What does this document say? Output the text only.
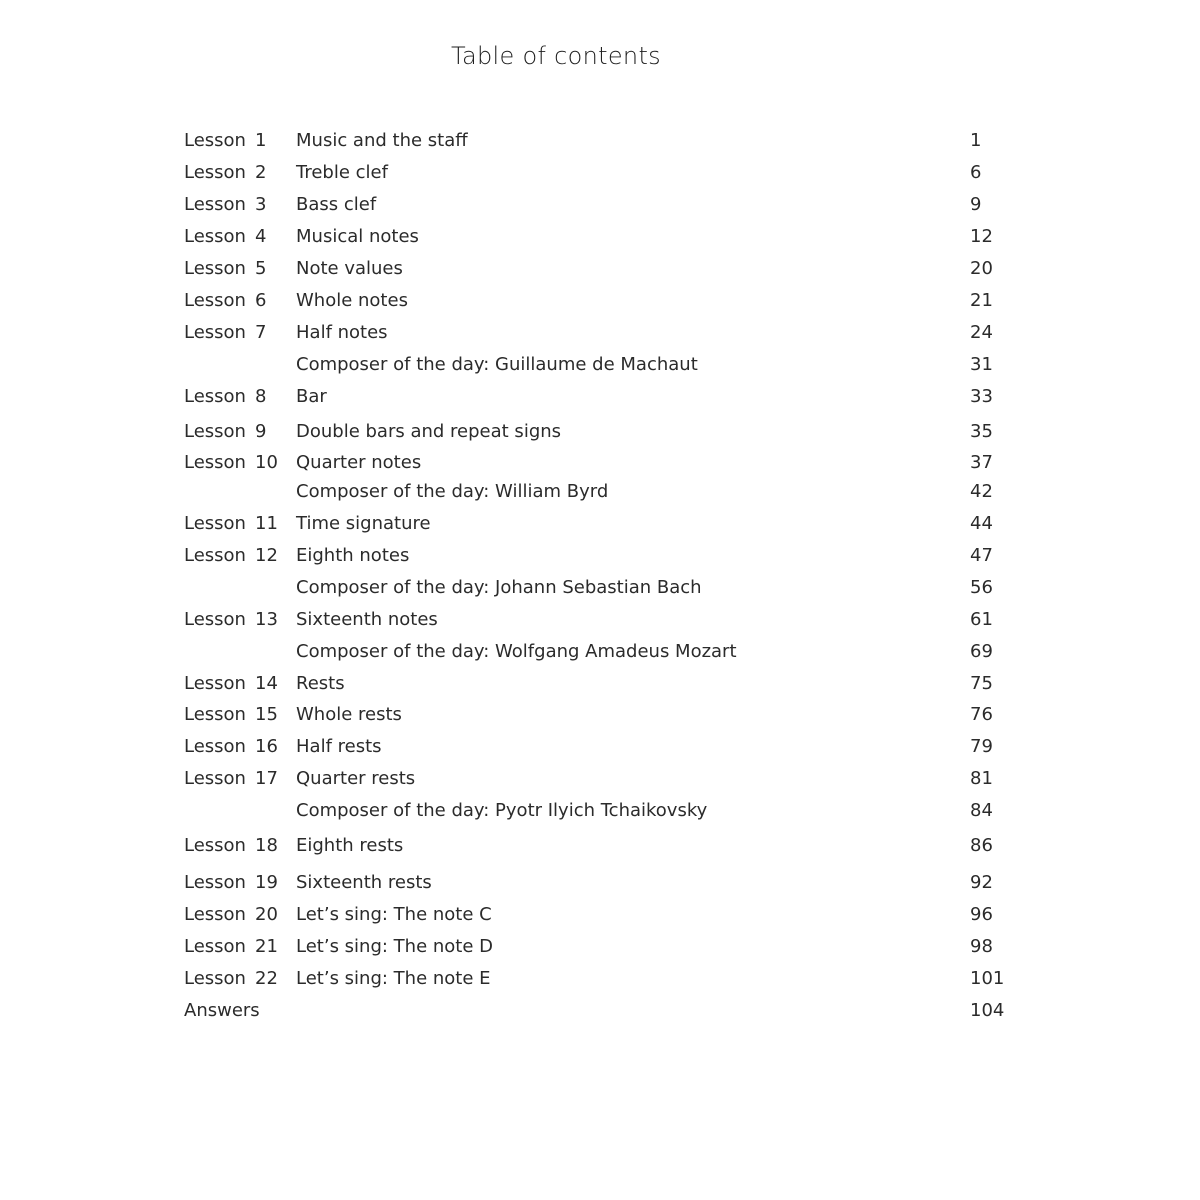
Table of contents
Lesson 1 Music and the staff	1
Lesson 2 Treble clef	6
Lesson 3 Bass clef	9
Lesson 4 Musical notes	12
Lesson 5 Note values	20
Lesson 6 Whole notes	21
Lesson 7 Half notes	24
Composer of the day: Guillaume de Machaut	31
Lesson 8 Bar	33
Lesson 9 Double bars and repeat signs	35
Lesson 10 Quarter notes	37
Composer of the day: William Byrd	42
Lesson 11 Time signature	44
Lesson 12 Eighth notes	47
Composer of the day: Johann Sebastian Bach	56
Lesson 13 Sixteenth notes	61
Composer of the day: Wolfgang Amadeus Mozart	69
Lesson 14 Rests	75
Lesson 15 Whole rests	76
Lesson 16 Half rests	79
Lesson 17 Quarter rests	81
Composer of the day: Pyotr Ilyich Tchaikovsky	84
Lesson 18 Eighth rests	86
Lesson 19 Sixteenth rests	92
Lesson 20 Let’s sing: The note C	96
Lesson 21 Let’s sing: The note D	98
Lesson 22 Let’s sing: The note E	101
Answers	104
